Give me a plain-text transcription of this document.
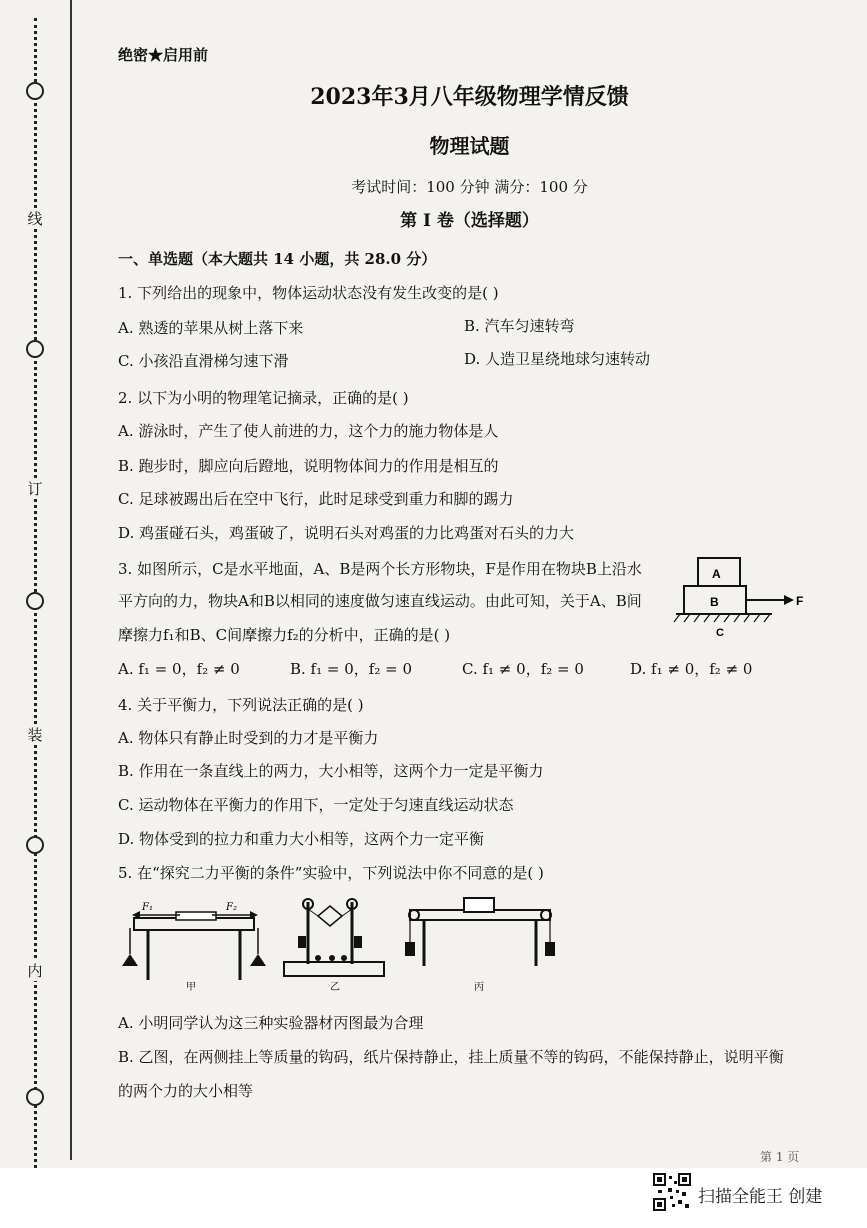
线
订
装
内
绝密★启用前
2023年3月八年级物理学情反馈
物理试题
考试时间：100 分钟 满分：100 分
第 I 卷（选择题）
一、单选题（本大题共 14 小题，共 28.0 分）
1. 下列给出的现象中，物体运动状态没有发生改变的是( )
A. 熟透的苹果从树上落下来	B. 汽车匀速转弯
C. 小孩沿直滑梯匀速下滑	D. 人造卫星绕地球匀速转动
2. 以下为小明的物理笔记摘录，正确的是( )
A. 游泳时，产生了使人前进的力，这个力的施力物体是人
B. 跑步时，脚应向后蹬地，说明物体间力的作用是相互的
C. 足球被踢出后在空中飞行，此时足球受到重力和脚的踢力
D. 鸡蛋碰石头，鸡蛋破了，说明石头对鸡蛋的力比鸡蛋对石头的力大
3. 如图所示，C是水平地面，A、B是两个长方形物块，F是作用在物块B上沿水
平方向的力，物块A和B以相同的速度做匀速直线运动。由此可知，关于A、B间
摩擦力f₁和B、C间摩擦力f₂的分析中，正确的是( )
A. f₁ = 0，f₂ ≠ 0	B. f₁ = 0，f₂ = 0	C. f₁ ≠ 0，f₂ = 0	D. f₁ ≠ 0，f₂ ≠ 0
A
B	F
C
4. 关于平衡力，下列说法正确的是( )
A. 物体只有静止时受到的力才是平衡力
B. 作用在一条直线上的两力，大小相等，这两个力一定是平衡力
C. 运动物体在平衡力的作用下，一定处于匀速直线运动状态
D. 物体受到的拉力和重力大小相等，这两个力一定平衡
5. 在“探究二力平衡的条件”实验中，下列说法中你不同意的是( )
F₁	F₂
甲	乙	丙
A. 小明同学认为这三种实验器材丙图最为合理
B. 乙图，在两侧挂上等质量的钩码，纸片保持静止，挂上质量不等的钩码，不能保持静止，说明平衡
的两个力的大小相等
第 1 页
扫描全能王 创建
